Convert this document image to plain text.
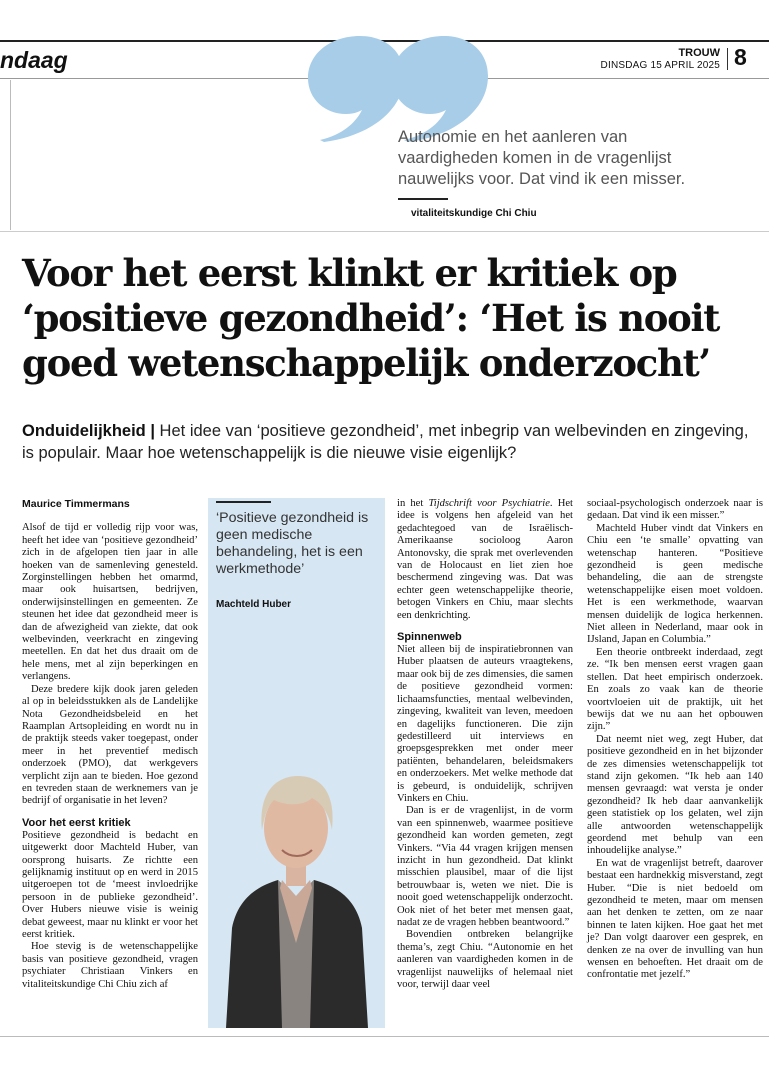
ndaag	TROUW
DINSDAG 15 APRIL 2025 8
Autonomie en het aanleren van vaardigheden komen in de vragenlijst nauwelijks voor. Dat vind ik een misser.
vitaliteitskundige Chi Chiu
Voor het eerst klinkt er kritiek op ‘positieve gezondheid’: ‘Het is nooit goed wetenschappelijk onderzocht’
Onduidelijkheid | Het idee van ‘positieve gezondheid’, met inbegrip van welbevinden en zingeving, is populair. Maar hoe wetenschappelijk is die nieuwe visie eigenlijk?

Maurice Timmermans

Alsof de tijd er volledig rijp voor was, heeft het idee van ‘positieve gezondheid’ zich in de afgelopen tien jaar in alle hoeken van de samenleving genesteld. Zorginstellingen hebben het omarmd, maar ook huisartsen, bedrijven, onderwijsinstellingen en gemeenten. Ze steunen het idee dat gezondheid meer is dan de afwezigheid van ziekte, dat ook welbevinden, veerkracht en zingeving meetellen. En dat het dus draait om de hele mens, met al zijn beperkingen en verlangens.

Deze bredere kijk dook jaren geleden al op in beleidsstukken als de Landelijke Nota Gezondheidsbeleid en het Raamplan Artsopleiding en wordt nu in de praktijk steeds vaker toegepast, onder meer in het preventief medisch onderzoek (PMO), dat werkgevers verplicht zijn aan te bieden. Hoe gezond en tevreden staan de werknemers van je bedrijf of organisatie in het leven?

Voor het eerst kritiek

Positieve gezondheid is bedacht en uitgewerkt door Machteld Huber, van oorsprong huisarts. Ze richtte een gelijknamig instituut op en werd in 2015 uitgeroepen tot de ‘meest invloedrijke persoon in de publieke gezondheid’. Over Hubers nieuwe visie is weinig debat geweest, maar nu klinkt er voor het eerst kritiek.

Hoe stevig is de wetenschappelijke basis van positieve gezondheid, vragen psychiater Christiaan Vinkers en vitaliteitskundige Chi Chiu zich af

‘Positieve gezondheid is geen medische behandeling, het is een werkmethode’
Machteld Huber

in het Tijdschrift voor Psychiatrie. Het idee is volgens hen afgeleid van het gedachtegoed van de Israëlisch-Amerikaanse socioloog Aaron Antonovsky, die sprak met overlevenden van de Holocaust en liet zien hoe beschermend zingeving was. Dat was echter geen wetenschappelijke theorie, betogen Vinkers en Chiu, maar slechts een denkrichting.

Spinnenweb

Niet alleen bij de inspiratiebronnen van Huber plaatsen de auteurs vraagtekens, maar ook bij de zes dimensies, die samen de positieve gezondheid vormen: lichaamsfuncties, mentaal welbevinden, zingeving, kwaliteit van leven, meedoen en dagelijks functioneren. Die zijn gedestilleerd uit interviews en groepsgesprekken met onder meer patiënten, behandelaren, beleidsmakers en onderzoekers. Met welke methode dat is gebeurd, is onduidelijk, schrijven Vinkers en Chiu.

Dan is er de vragenlijst, in de vorm van een spinnenweb, waarmee positieve gezondheid kan worden gemeten, zegt Vinkers. “Via 44 vragen krijgen mensen inzicht in hun gezondheid. Dat klinkt misschien plausibel, maar of die lijst betrouwbaar is, weten we niet. Die is nooit goed wetenschappelijk onderzocht. Ook niet of het beter met mensen gaat, nadat ze de vragen hebben beantwoord.”

Bovendien ontbreken belangrijke thema’s, zegt Chiu. “Autonomie en het aanleren van vaardigheden komen in de vragenlijst nauwelijks of helemaal niet voor, terwijl daar veel

sociaal-psychologisch onderzoek naar is gedaan. Dat vind ik een misser.”

Machteld Huber vindt dat Vinkers en Chiu een ‘te smalle’ opvatting van wetenschap hanteren. “Positieve gezondheid is geen medische behandeling, die aan de strengste wetenschappelijke eisen moet voldoen. Het is een werkmethode, waarvan mensen duidelijk de logica herkennen. Niet alleen in Nederland, maar ook in IJsland, Japan en Columbia.”

Een theorie ontbreekt inderdaad, zegt ze. “Ik ben mensen eerst vragen gaan stellen. Dat heet empirisch onderzoek. En zoals zo vaak kan de theorie voortvloeien uit de praktijk, uit het bewijs dat we nu aan het opbouwen zijn.”

Dat neemt niet weg, zegt Huber, dat positieve gezondheid en in het bijzonder de zes dimensies wetenschappelijk tot stand zijn gekomen. “Ik heb aan 140 mensen gevraagd: wat versta je onder gezondheid? Ik heb daar aanvankelijk geen statistiek op los gelaten, wel zijn alle antwoorden wetenschappelijk geordend met behulp van een inhoudelijke analyse.”

En wat de vragenlijst betreft, daarover bestaat een hardnekkig misverstand, zegt Huber. “Die is niet bedoeld om gezondheid te meten, maar om mensen aan het denken te zetten, om ze naar binnen te laten kijken. Hoe gaat het met je? Dan volgt daarover een gesprek, en denken ze na over de invulling van hun wensen en behoeften. Het draait om de confrontatie met jezelf.”
